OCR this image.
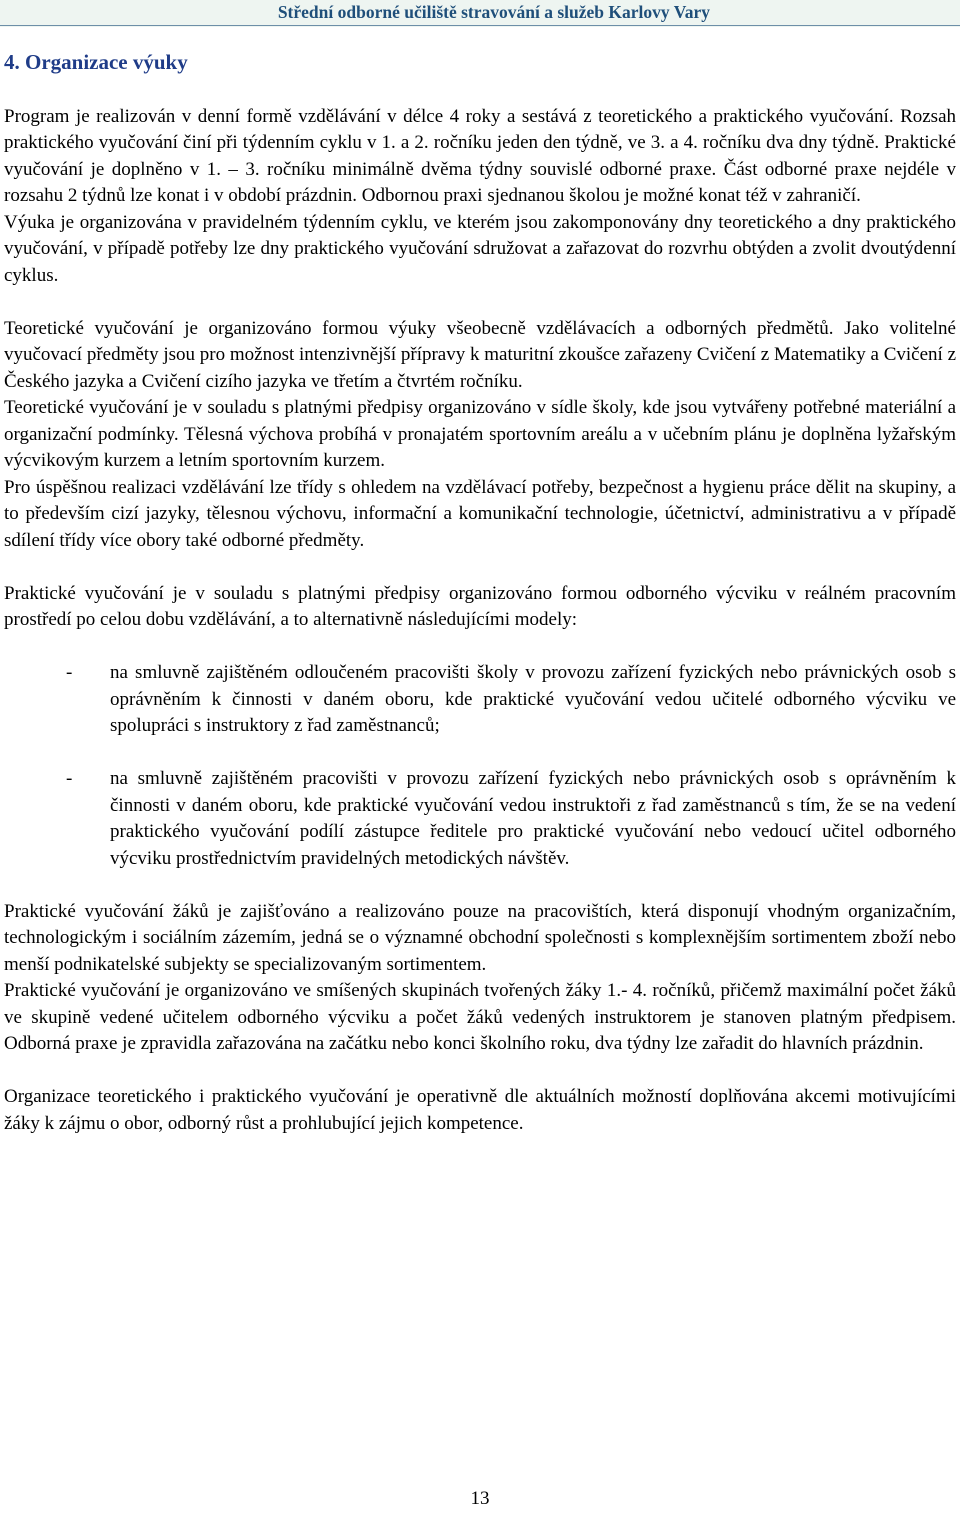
Střední odborné učiliště stravování a služeb Karlovy Vary
4. Organizace výuky

Program je realizován v denní formě vzdělávání v délce 4 roky a sestává z teoretického a praktického vyučování. Rozsah praktického vyučování činí při týdenním cyklu v 1. a 2. ročníku jeden den týdně, ve 3. a 4. ročníku dva dny týdně. Praktické vyučování je doplněno v 1. – 3. ročníku minimálně dvěma týdny souvislé odborné praxe. Část odborné praxe nejdéle v rozsahu 2 týdnů lze konat i v období prázdnin. Odbornou praxi sjednanou školou je možné konat též v zahraničí.

Výuka je organizována v pravidelném týdenním cyklu, ve kterém jsou zakomponovány dny teoretického a dny praktického vyučování, v případě potřeby lze dny praktického vyučování sdružovat a zařazovat do rozvrhu obtýden a zvolit dvoutýdenní cyklus.

Teoretické vyučování je organizováno formou výuky všeobecně vzdělávacích a odborných předmětů. Jako volitelné vyučovací předměty jsou pro možnost intenzivnější přípravy k maturitní zkoušce zařazeny Cvičení z Matematiky a Cvičení z Českého jazyka a Cvičení cizího jazyka ve třetím a čtvrtém ročníku.

Teoretické vyučování je v souladu s platnými předpisy organizováno v sídle školy, kde jsou vytvářeny potřebné materiální a organizační podmínky. Tělesná výchova probíhá v pronajatém sportovním areálu a v učebním plánu je doplněna lyžařským výcvikovým kurzem a letním sportovním kurzem.

Pro úspěšnou realizaci vzdělávání lze třídy s ohledem na vzdělávací potřeby, bezpečnost a hygienu práce dělit na skupiny, a to především cizí jazyky, tělesnou výchovu, informační a komunikační technologie, účetnictví, administrativu a v případě sdílení třídy více obory také odborné předměty.

Praktické vyučování je v souladu s platnými předpisy organizováno formou odborného výcviku v reálném pracovním prostředí po celou dobu vzdělávání, a to alternativně následujícími modely:

- na smluvně zajištěném odloučeném pracovišti školy v provozu zařízení fyzických nebo právnických osob s oprávněním k činnosti v daném oboru, kde praktické vyučování vedou učitelé odborného výcviku ve spolupráci s instruktory z řad zaměstnanců;
- na smluvně zajištěném pracovišti v provozu zařízení fyzických nebo právnických osob s oprávněním k činnosti v daném oboru, kde praktické vyučování vedou instruktoři z řad zaměstnanců s tím, že se na vedení praktického vyučování podílí zástupce ředitele pro praktické vyučování nebo vedoucí učitel odborného výcviku prostřednictvím pravidelných metodických návštěv.

Praktické vyučování žáků je zajišťováno a realizováno pouze na pracovištích, která disponují vhodným organizačním, technologickým i sociálním zázemím, jedná se o významné obchodní společnosti s komplexnějším sortimentem zboží nebo menší podnikatelské subjekty se specializovaným sortimentem.

Praktické vyučování je organizováno ve smíšených skupinách tvořených žáky 1.- 4. ročníků, přičemž maximální počet žáků ve skupině vedené učitelem odborného výcviku a počet žáků vedených instruktorem je stanoven platným předpisem. Odborná praxe je zpravidla zařazována na začátku nebo konci školního roku, dva týdny lze zařadit do hlavních prázdnin.

Organizace teoretického i praktického vyučování je operativně dle aktuálních možností doplňována akcemi motivujícími žáky k zájmu o obor, odborný růst a prohlubující jejich kompetence.

13
